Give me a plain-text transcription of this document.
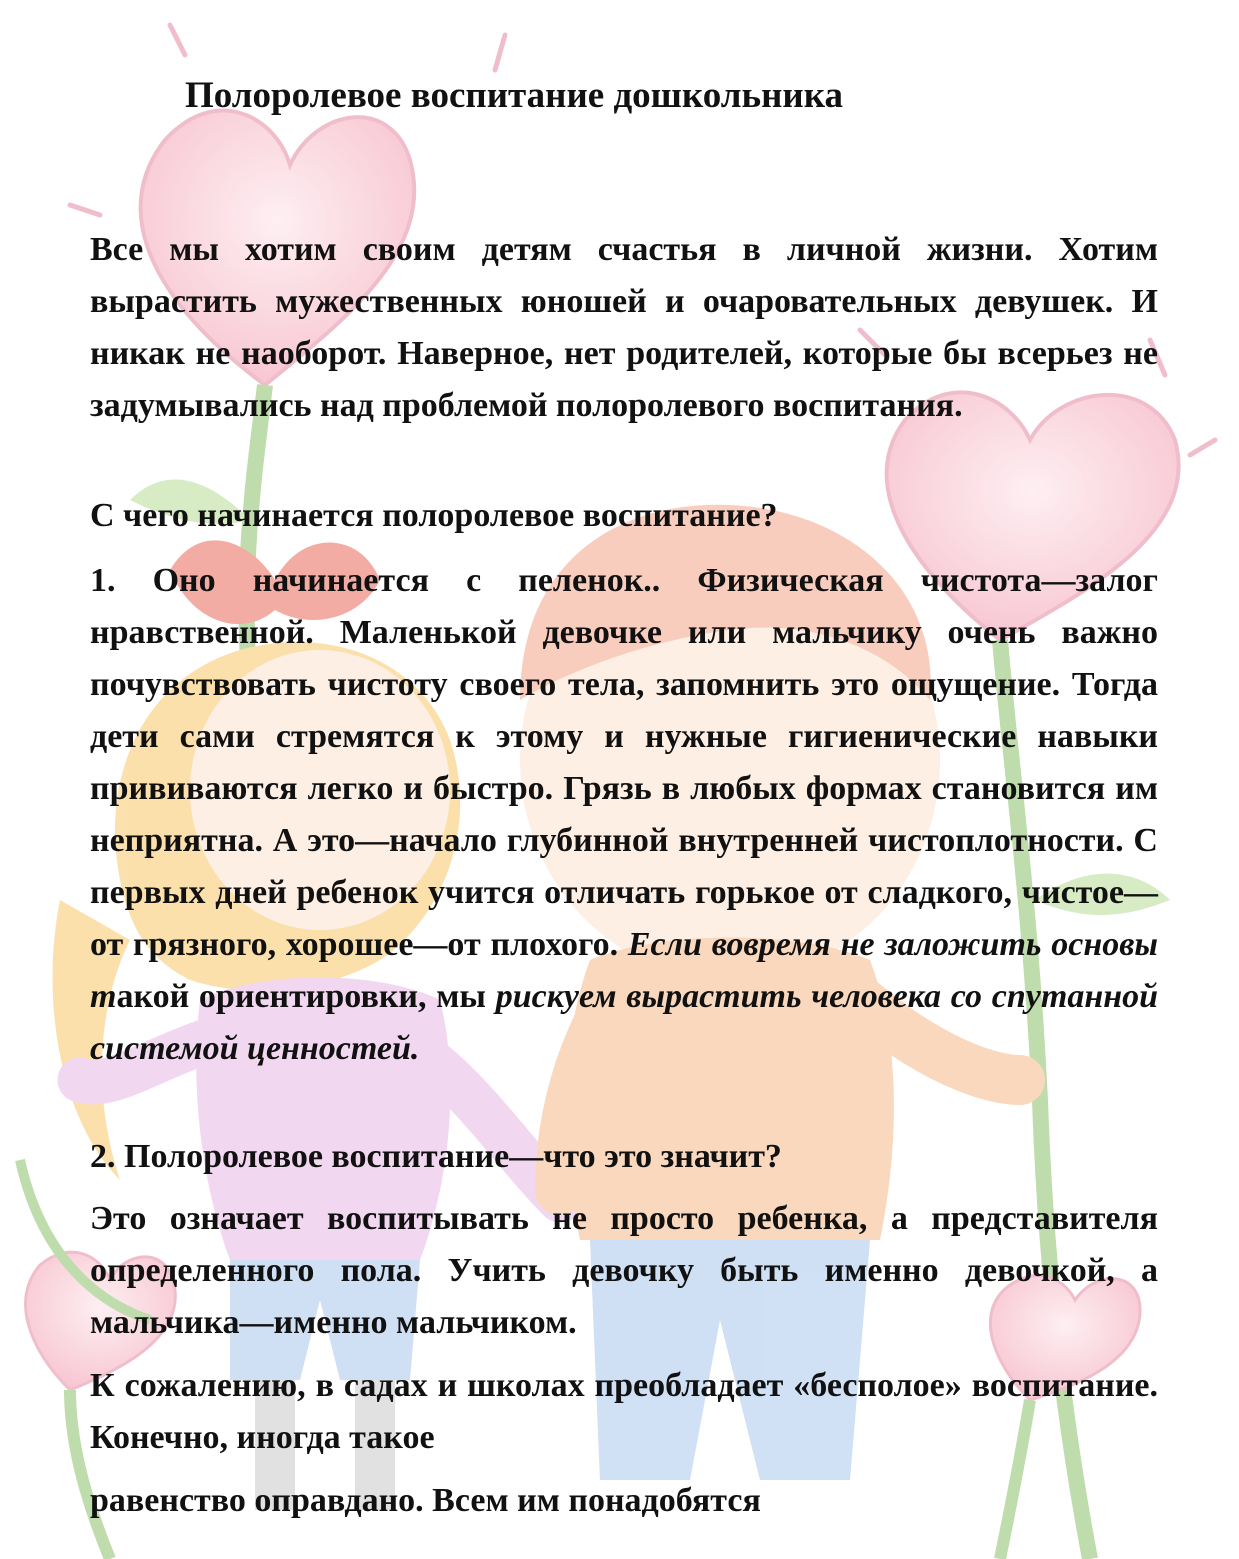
Полоролевое воспитание дошкольника
Все мы хотим своим детям счастья в личной жизни. Хотим вырастить мужественных юношей и очаровательных девушек. И никак не наоборот. Наверное, нет родителей, которые бы всерьез не задумывались над проблемой полоролевого воспитания.
С чего начинается полоролевое воспитание?
1. Оно начинается с пеленок.. Физическая чистота—залог нравственной. Маленькой девочке или мальчику очень важно почувствовать чистоту своего тела, запомнить это ощущение. Тогда дети сами стремятся к этому и нужные гигиенические навыки прививаются легко и быстро. Грязь в любых формах становится им неприятна. А это—начало глубинной внутренней чистоплотности. С первых дней ребенок учится отличать горькое от сладкого, чистое—от грязного, хорошее—от плохого. Если вовремя не заложить основы такой ориентировки, мы рискуем вырастить человека со спутанной системой ценностей.
2. Полоролевое воспитание—что это значит?
Это означает воспитывать не просто ребенка, а представителя определенного пола. Учить девочку быть именно девочкой, а мальчика—именно мальчиком.
К сожалению, в садах и школах преобладает «бесполое» воспитание. Конечно, иногда такое
равенство оправдано. Всем им понадобятся
